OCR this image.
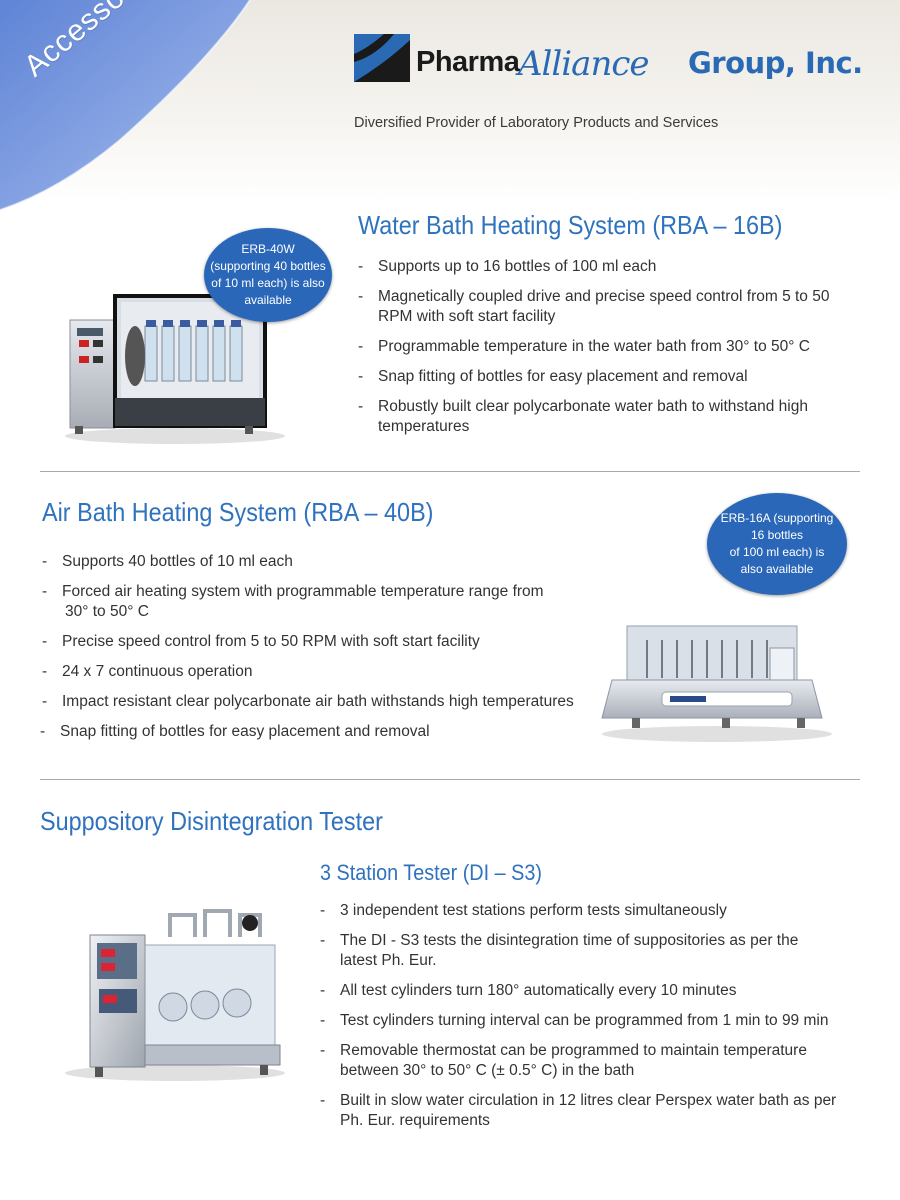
Pharma
Alliance Group, Inc.
Diversified Provider of Laboratory Products and Services
ERB-40W
(supporting 40 bottles
of 10 ml each) is also
available
Water Bath Heating System (RBA – 16B)
- Supports up to 16 bottles of 100 ml each
- Magnetically coupled drive and precise speed control from 5 to 50
RPM with soft start facility
- Programmable temperature in the water bath from 30° to 50° C
- Snap fitting of bottles for easy placement and removal
- Robustly built clear polycarbonate water bath to withstand high
temperatures
Air Bath Heating System (RBA – 40B)	ERB-16A (supporting
16 bottles
of 100 ml each) is
also available
- Supports 40 bottles of 10 ml each
- Forced air heating system with programmable temperature range from
30° to 50° C
- Precise speed control from 5 to 50 RPM with soft start facility
- 24 x 7 continuous operation
- Impact resistant clear polycarbonate air bath withstands high temperatures
- Snap fitting of bottles for easy placement and removal
Suppository Disintegration Tester
3 Station Tester (DI – S3)
- 3 independent test stations perform tests simultaneously
- The DI - S3 tests the disintegration time of suppositories as per the
latest Ph. Eur.
- All test cylinders turn 180° automatically every 10 minutes
- Test cylinders turning interval can be programmed from 1 min to 99 min
- Removable thermostat can be programmed to maintain temperature
between 30° to 50° C (± 0.5° C) in the bath
- Built in slow water circulation in 12 litres clear Perspex water bath as per
Ph. Eur. requirements
